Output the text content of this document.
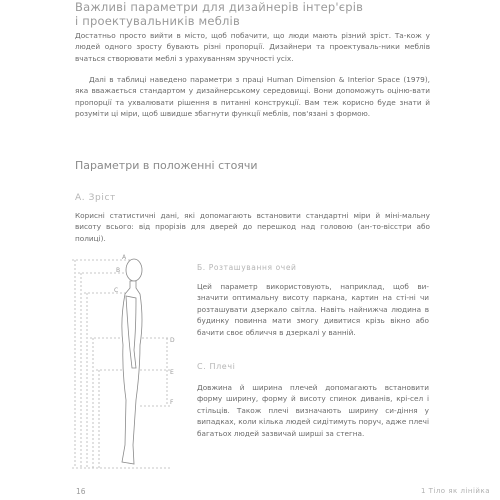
Важливі параметри для дизайнерів інтер'єрів
і проектувальників меблів
Достатньо просто вийти в місто, щоб побачити, що люди мають різний зріст. Та-кож у людей одного зросту бувають різні пропорції. Дизайнери та проектуваль-ники меблів вчаться створювати меблі з урахуванням зручності усіх.
Далі в таблиці наведено параметри з праці Human Dimension & Interior Space (1979), яка вважається стандартом у дизайнерському середовищі. Вони допоможуть оціню-вати пропорції та ухвалювати рішення в питанні конструкції. Вам теж корисно буде знати й розуміти ці міри, щоб швидше збагнути функції меблів, пов'язані з формою.
Параметри в положенні стоячи
А. Зріст
Корисні статистичні дані, які допомагають встановити стандартні міри й міні-мальну висоту всього: від прорізів для дверей до перешкод над головою (ан-то-вісстри або полиці).
A
B
C
D
E
F
Б. Розташування очей
Цей параметр використовують, наприклад, щоб ви-значити оптимальну висоту паркана, картин на сті-ні чи розташувати дзеркало світла. Навіть найнижча людина в будинку повинна мати змогу дивитися крізь вікно або бачити своє обличчя в дзеркалі у ванній.
С. Плечі
Довжина й ширина плечей допомагають встановити форму ширину, форму й висоту спинок диванів, крі-сел і стільців. Також плечі визначають ширину си-діння у випадках, коли кілька людей сидітимуть поруч, адже плечі багатьох людей зазвичай ширші за стегна.
16	1 Тіло як лінійка
